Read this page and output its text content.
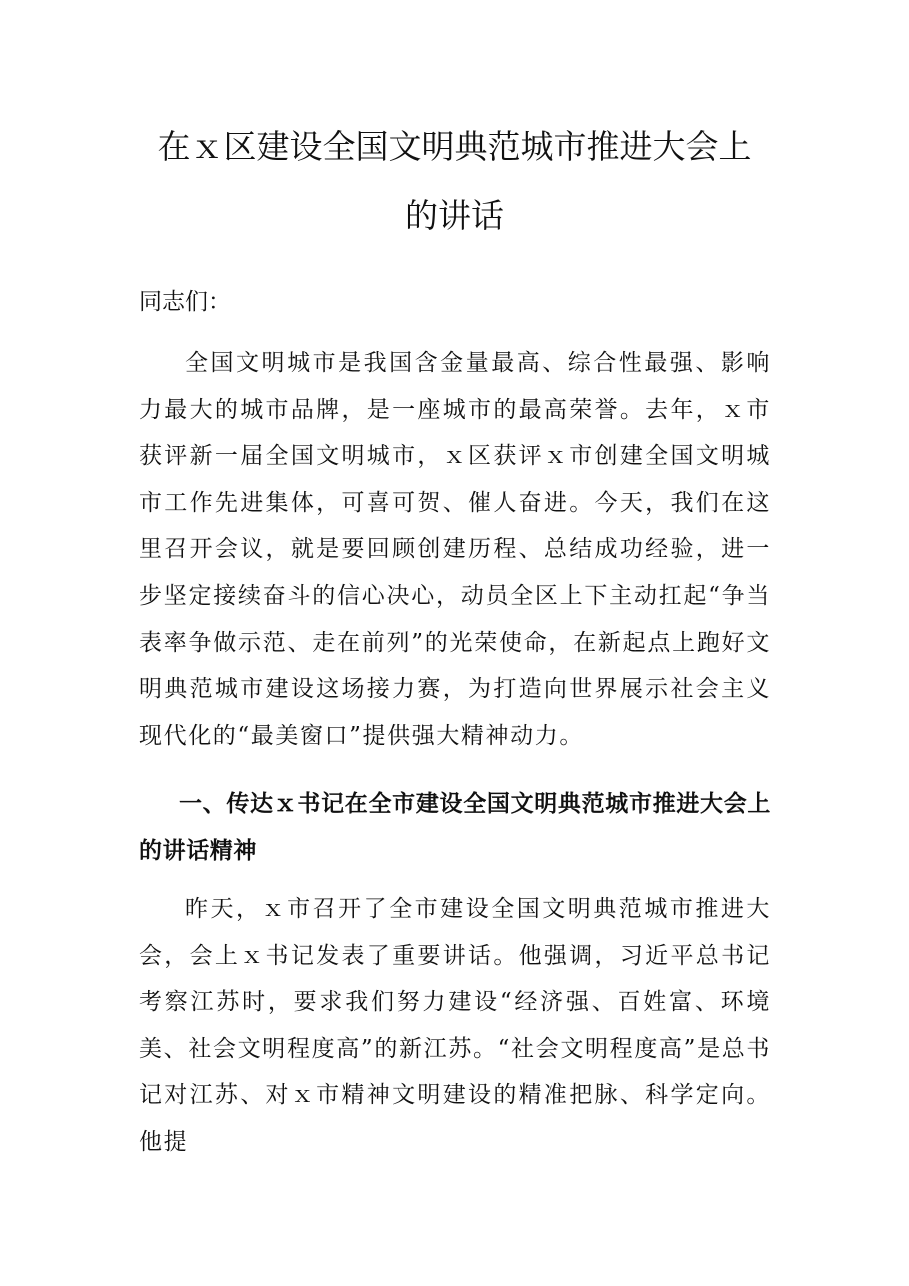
在ｘ区建设全国文明典范城市推进大会上
的讲话

同志们：

全国文明城市是我国含金量最高、综合性最强、影响力最大的城市品牌，是一座城市的最高荣誉。去年，ｘ市获评新一届全国文明城市，ｘ区获评ｘ市创建全国文明城市工作先进集体，可喜可贺、催人奋进。今天，我们在这里召开会议，就是要回顾创建历程、总结成功经验，进一步坚定接续奋斗的信心决心，动员全区上下主动扛起“争当表率争做示范、走在前列”的光荣使命，在新起点上跑好文明典范城市建设这场接力赛，为打造向世界展示社会主义现代化的“最美窗口”提供强大精神动力。

一、传达ｘ书记在全市建设全国文明典范城市推进大会上的讲话精神

昨天，ｘ市召开了全市建设全国文明典范城市推进大会，会上ｘ书记发表了重要讲话。他强调，习近平总书记考察江苏时，要求我们努力建设“经济强、百姓富、环境美、社会文明程度高”的新江苏。“社会文明程度高”是总书记对江苏、对ｘ市精神文明建设的精准把脉、科学定向。他提
